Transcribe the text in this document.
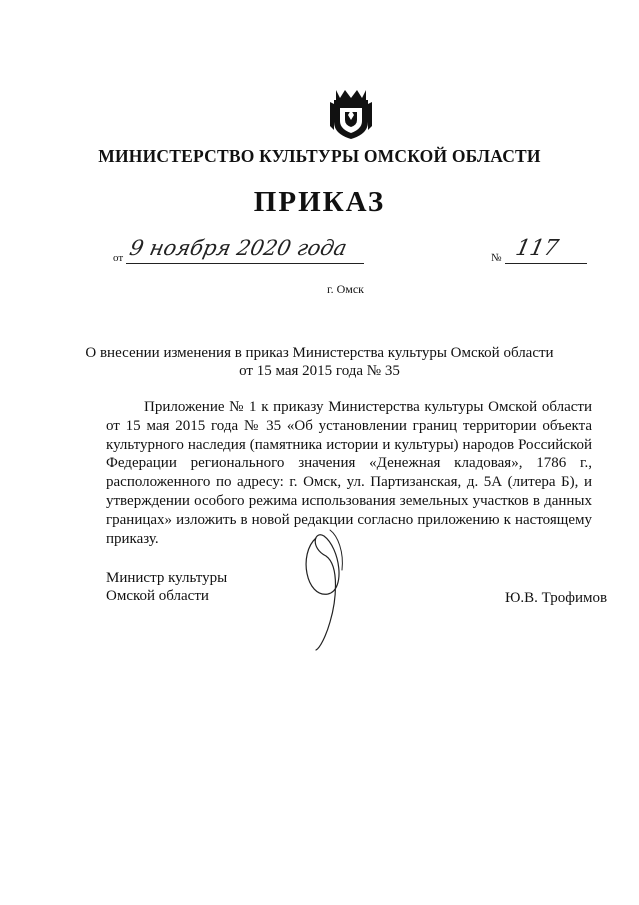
МИНИСТЕРСТВО КУЛЬТУРЫ ОМСКОЙ ОБЛАСТИ
ПРИКАЗ
от 9 ноября 2020 года	№ 117
г. Омск
О внесении изменения в приказ Министерства культуры Омской области
от 15 мая 2015 года № 35

Приложение № 1 к приказу Министерства культуры Омской области от 15 мая 2015 года № 35 «Об установлении границ территории объекта культурного наследия (памятника истории и культуры) народов Российской Федерации регионального значения «Денежная кладовая», 1786 г., расположенного по адресу: г. Омск, ул. Партизанская, д. 5А (литера Б), и утверждении особого режима использования земельных участков в данных границах» изложить в новой редакции согласно приложению к настоящему приказу.

Министр культуры
Омской области	Ю.В. Трофимов
